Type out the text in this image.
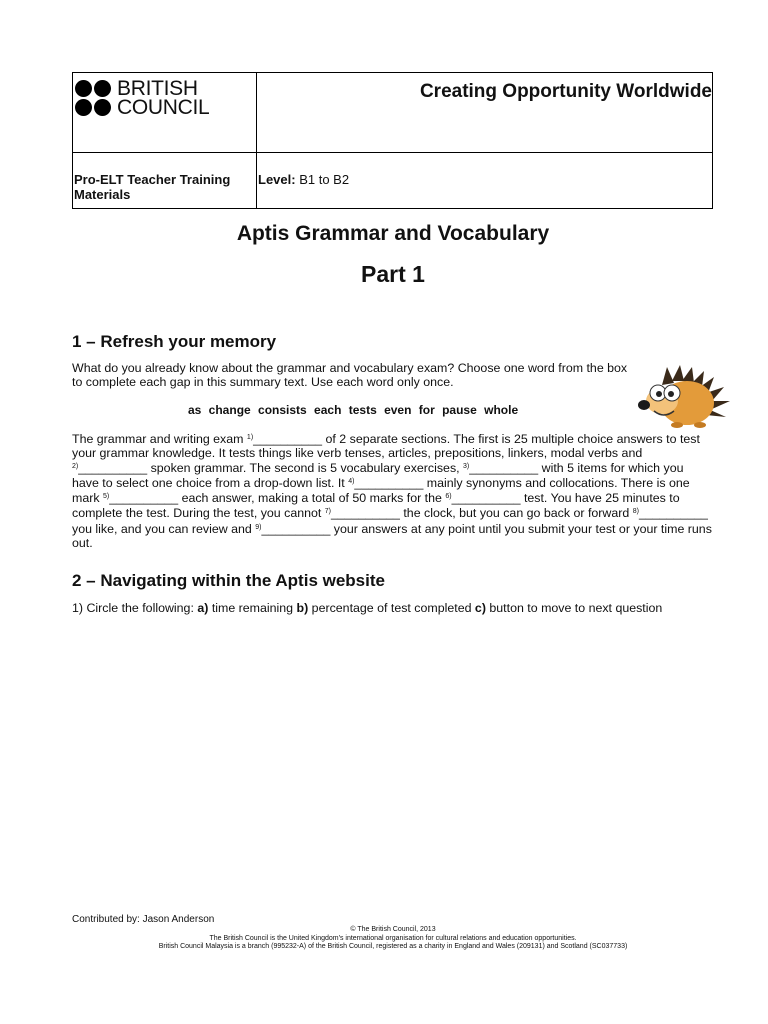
BRITISH
COUNCIL
Creating Opportunity Worldwide
Pro-ELT Teacher Training Materials
Level: B1 to B2
Aptis Grammar and Vocabulary
Part 1
1 – Refresh your memory

What do you already know about the grammar and vocabulary exam? Choose one word from the box to complete each gap in this summary text. Use each word only once.

as change consists each tests even for pause whole

The grammar and writing exam $^{1)}$__________ of 2 separate sections. The first is 25 multiple choice answers to test your grammar knowledge. It tests things like verb tenses, articles, prepositions, linkers, modal verbs and $^{2)}$__________ spoken grammar. The second is 5 vocabulary exercises, $^{3)}$__________ with 5 items for which you have to select one choice from a drop-down list. It $^{4)}$__________ mainly synonyms and collocations. There is one mark $^{5)}$__________ each answer, making a total of 50 marks for the $^{6)}$__________ test. You have 25 minutes to complete the test. During the test, you cannot $^{7)}$__________ the clock, but you can go back or forward $^{8)}$__________ you like, and you can review and $^{9)}$__________ your answers at any point until you submit your test or your time runs out.

2 – Navigating within the Aptis website

1) Circle the following: a) time remaining b) percentage of test completed c) button to move to next question

Contributed by: Jason Anderson
© The British Council, 2013
The British Council is the United Kingdom's international organisation for cultural relations and education opportunities.
British Council Malaysia is a branch (995232-A) of the British Council, registered as a charity in England and Wales (209131) and Scotland (SC037733)
